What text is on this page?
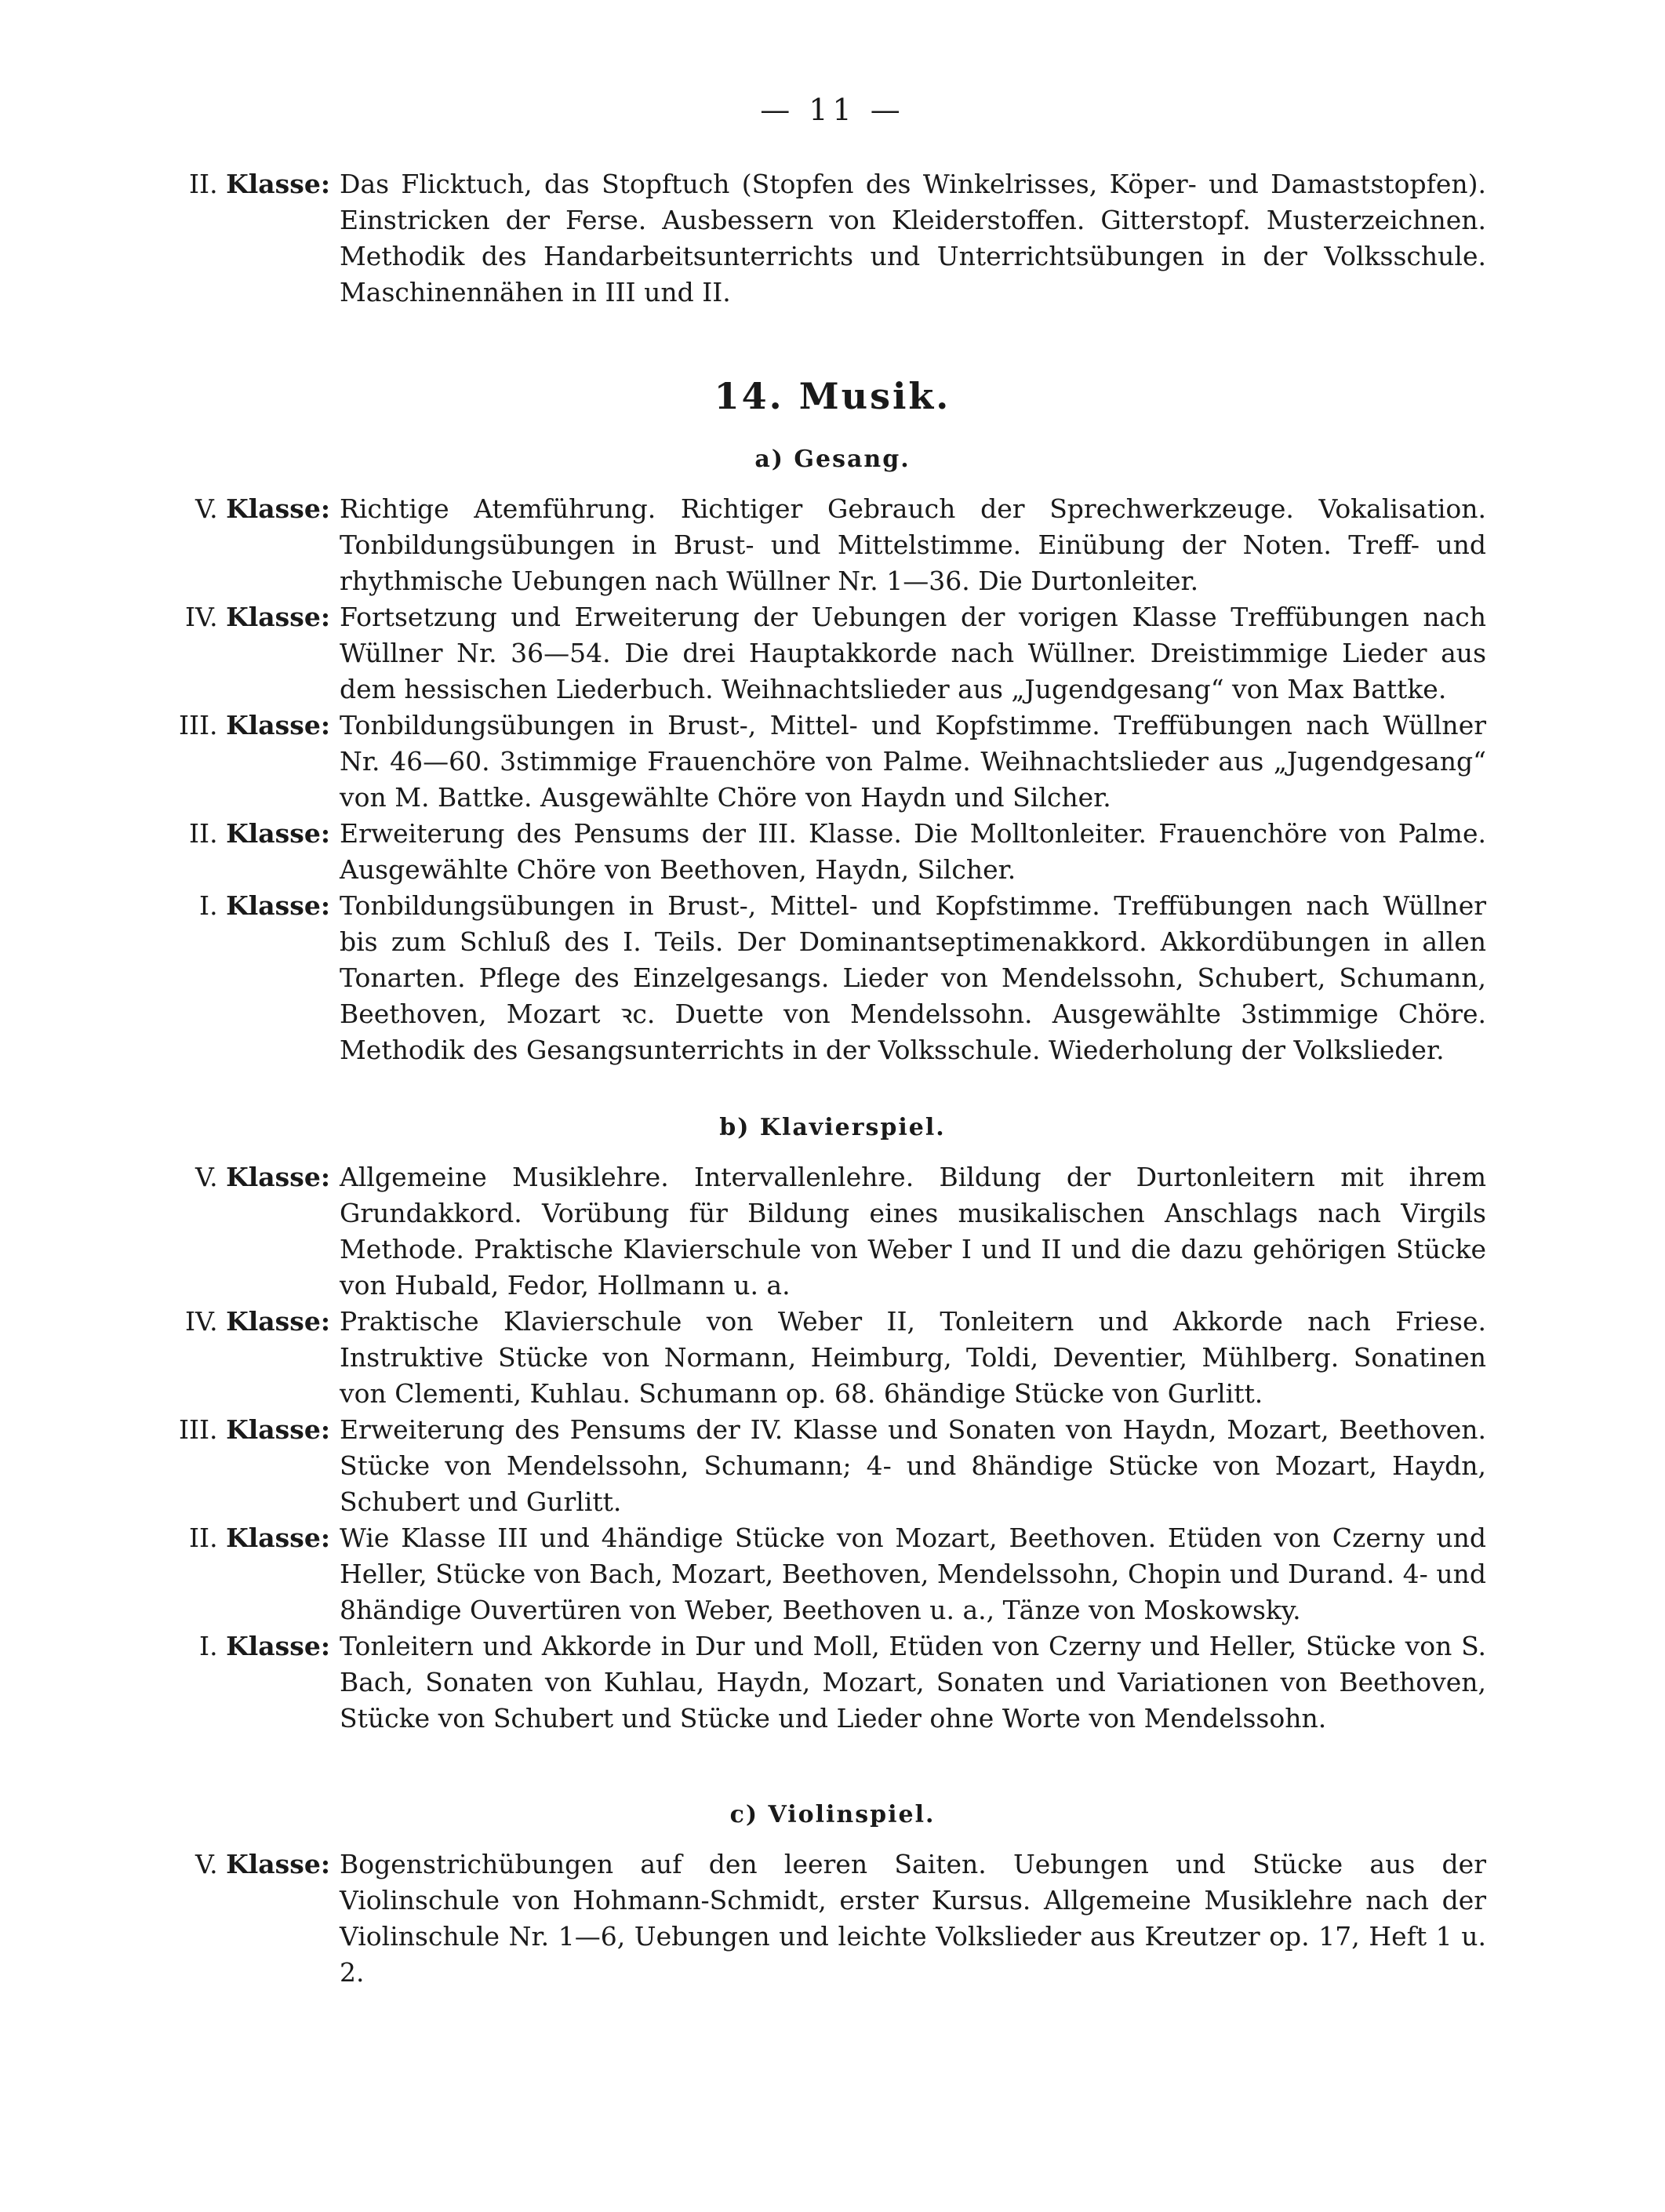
— 11 —
II. Klasse: Das Flicktuch, das Stopftuch (Stopfen des Winkelrisses, Köper- und Damaststopfen). Einstricken der Ferse. Ausbessern von Kleiderstoffen. Gitterstopf. Musterzeichnen. Methodik des Handarbeitsunterrichts und Unterrichtsübungen in der Volksschule. Maschinennähen in III und II.
14. Musik.
a) Gesang.
V. Klasse: Richtige Atemführung. Richtiger Gebrauch der Sprechwerkzeuge. Vokalisation. Tonbildungsübungen in Brust- und Mittelstimme. Einübung der Noten. Treff- und rhythmische Uebungen nach Wüllner Nr. 1—36. Die Durtonleiter.
IV. Klasse: Fortsetzung und Erweiterung der Uebungen der vorigen Klasse Treffübungen nach Wüllner Nr. 36—54. Die drei Hauptakkorde nach Wüllner. Dreistimmige Lieder aus dem hessischen Liederbuch. Weihnachtslieder aus „Jugendgesang“ von Max Battke.
III. Klasse: Tonbildungsübungen in Brust-, Mittel- und Kopfstimme. Treffübungen nach Wüllner Nr. 46—60. 3stimmige Frauenchöre von Palme. Weihnachtslieder aus „Jugendgesang“ von M. Battke. Ausgewählte Chöre von Haydn und Silcher.
II. Klasse: Erweiterung des Pensums der III. Klasse. Die Molltonleiter. Frauenchöre von Palme. Ausgewählte Chöre von Beethoven, Haydn, Silcher.
I. Klasse: Tonbildungsübungen in Brust-, Mittel- und Kopfstimme. Treffübungen nach Wüllner bis zum Schluß des I. Teils. Der Dominantseptimenakkord. Akkordübungen in allen Tonarten. Pflege des Einzelgesangs. Lieder von Mendelssohn, Schubert, Schumann, Beethoven, Mozart ꝛc. Duette von Mendelssohn. Ausgewählte 3stimmige Chöre. Methodik des Gesangsunterrichts in der Volksschule. Wiederholung der Volkslieder.
b) Klavierspiel.
V. Klasse: Allgemeine Musiklehre. Intervallenlehre. Bildung der Durtonleitern mit ihrem Grundakkord. Vorübung für Bildung eines musikalischen Anschlags nach Virgils Methode. Praktische Klavierschule von Weber I und II und die dazu gehörigen Stücke von Hubald, Fedor, Hollmann u. a.
IV. Klasse: Praktische Klavierschule von Weber II, Tonleitern und Akkorde nach Friese. Instruktive Stücke von Normann, Heimburg, Toldi, Deventier, Mühlberg. Sonatinen von Clementi, Kuhlau. Schumann op. 68. 6händige Stücke von Gurlitt.
III. Klasse: Erweiterung des Pensums der IV. Klasse und Sonaten von Haydn, Mozart, Beethoven. Stücke von Mendelssohn, Schumann; 4- und 8händige Stücke von Mozart, Haydn, Schubert und Gurlitt.
II. Klasse: Wie Klasse III und 4händige Stücke von Mozart, Beethoven. Etüden von Czerny und Heller, Stücke von Bach, Mozart, Beethoven, Mendelssohn, Chopin und Durand. 4- und 8händige Ouvertüren von Weber, Beethoven u. a., Tänze von Moskowsky.
I. Klasse: Tonleitern und Akkorde in Dur und Moll, Etüden von Czerny und Heller, Stücke von S. Bach, Sonaten von Kuhlau, Haydn, Mozart, Sonaten und Variationen von Beethoven, Stücke von Schubert und Stücke und Lieder ohne Worte von Mendelssohn.
c) Violinspiel.
V. Klasse: Bogenstrichübungen auf den leeren Saiten. Uebungen und Stücke aus der Violinschule von Hohmann-Schmidt, erster Kursus. Allgemeine Musiklehre nach der Violinschule Nr. 1—6, Uebungen und leichte Volkslieder aus Kreutzer op. 17, Heft 1 u. 2.
